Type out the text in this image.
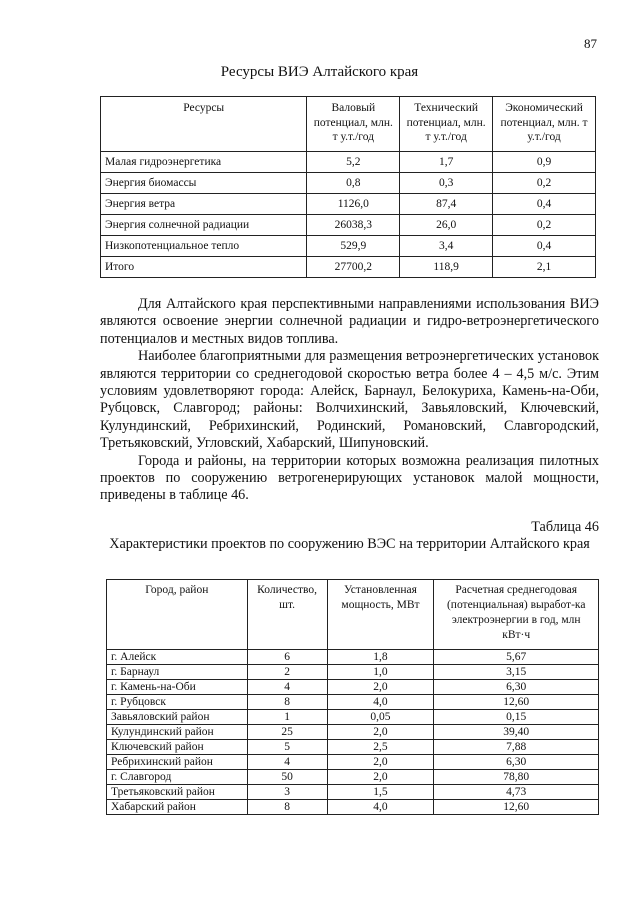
87
Ресурсы ВИЭ Алтайского края
Ресурсы	Валовый потенциал, млн. т у.т./год	Технический потенциал, млн. т у.т./год	Экономический потенциал, млн. т у.т./год
Малая гидроэнергетика	5,2	1,7	0,9
Энергия биомассы	0,8	0,3	0,2
Энергия ветра	1126,0	87,4	0,4
Энергия солнечной радиации	26038,3	26,0	0,2
Низкопотенциальное тепло	529,9	3,4	0,4
Итого	27700,2	118,9	2,1

Для Алтайского края перспективными направлениями использования ВИЭ являются освоение энергии солнечной радиации и гидро-ветроэнергетического потенциалов и местных видов топлива.

Наиболее благоприятными для размещения ветроэнергетических установок являются территории со среднегодовой скоростью ветра более 4 – 4,5 м/с. Этим условиям удовлетворяют города: Алейск, Барнаул, Белокуриха, Камень-на-Оби, Рубцовск, Славгород; районы: Волчихинский, Завьяловский, Ключевский, Кулундинский, Ребрихинский, Родинский, Романовский, Славгородский, Третьяковский, Угловский, Хабарский, Шипуновский.

Города и районы, на территории которых возможна реализация пилотных проектов по сооружению ветрогенерирующих установок малой мощности, приведены в таблице 46.

Таблица 46
Характеристики проектов по сооружению ВЭС на территории Алтайского края
Город, район	Количество, шт.	Установленная мощность, МВт	Расчетная среднегодовая (потенциальная) выработ-ка электроэнергии в год, млн кВт·ч
г. Алейск	6	1,8	5,67
г. Барнаул	2	1,0	3,15
г. Камень-на-Оби	4	2,0	6,30
г. Рубцовск	8	4,0	12,60
Завьяловский район	1	0,05	0,15
Кулундинский район	25	2,0	39,40
Ключевский район	5	2,5	7,88
Ребрихинский район	4	2,0	6,30
г. Славгород	50	2,0	78,80
Третьяковский район	3	1,5	4,73
Хабарский район	8	4,0	12,60
